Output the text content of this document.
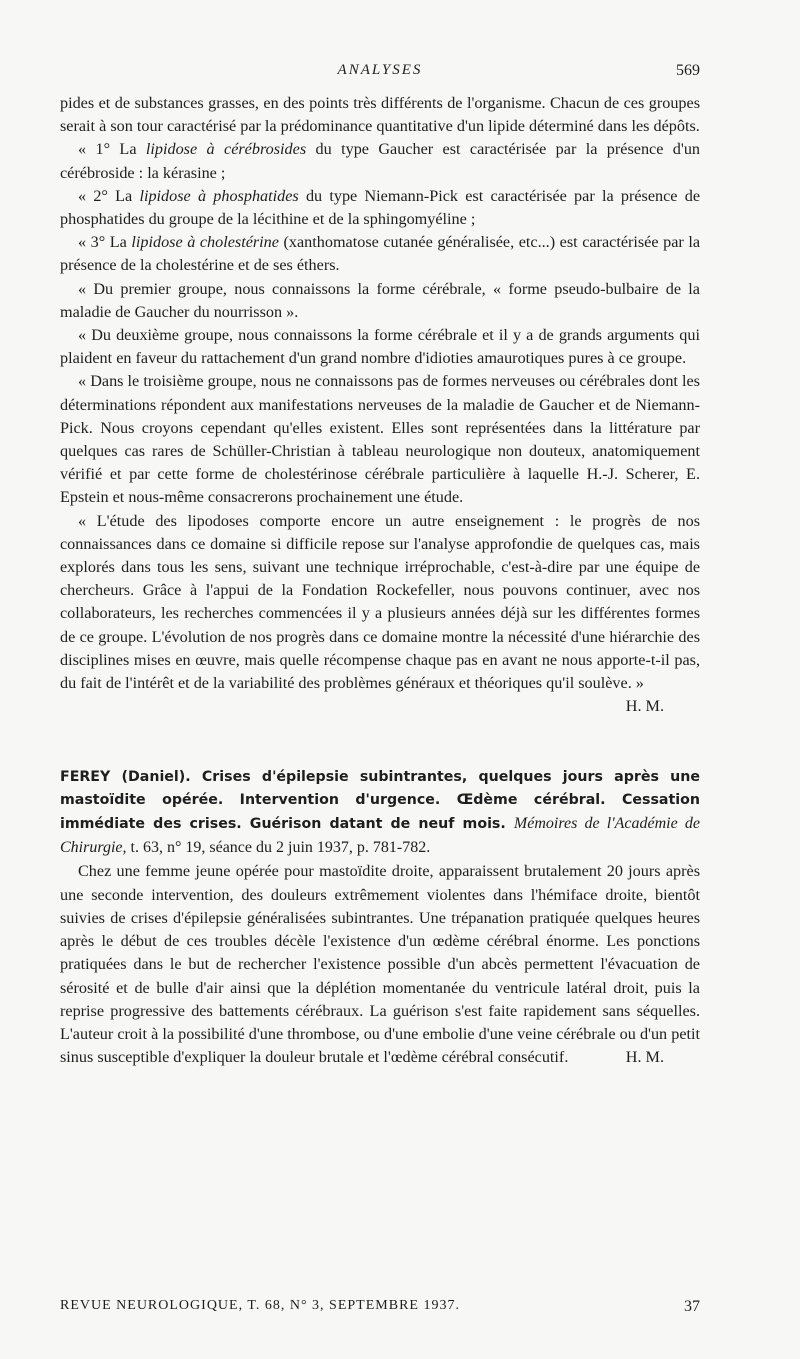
ANALYSES	569

pides et de substances grasses, en des points très différents de l'organisme. Chacun de ces groupes serait à son tour caractérisé par la prédominance quantitative d'un lipide déterminé dans les dépôts.

« 1° La lipidose à cérébrosides du type Gaucher est caractérisée par la présence d'un cérébroside : la kérasine ;

« 2° La lipidose à phosphatides du type Niemann-Pick est caractérisée par la présence de phosphatides du groupe de la lécithine et de la sphingomyéline ;

« 3° La lipidose à cholestérine (xanthomatose cutanée généralisée, etc...) est caractérisée par la présence de la cholestérine et de ses éthers.

« Du premier groupe, nous connaissons la forme cérébrale, « forme pseudo-bulbaire de la maladie de Gaucher du nourrisson ».

« Du deuxième groupe, nous connaissons la forme cérébrale et il y a de grands arguments qui plaident en faveur du rattachement d'un grand nombre d'idioties amaurotiques pures à ce groupe.

« Dans le troisième groupe, nous ne connaissons pas de formes nerveuses ou cérébrales dont les déterminations répondent aux manifestations nerveuses de la maladie de Gaucher et de Niemann-Pick. Nous croyons cependant qu'elles existent. Elles sont représentées dans la littérature par quelques cas rares de Schüller-Christian à tableau neurologique non douteux, anatomiquement vérifié et par cette forme de cholestérinose cérébrale particulière à laquelle H.-J. Scherer, E. Epstein et nous-même consacrerons prochainement une étude.

« L'étude des lipodoses comporte encore un autre enseignement : le progrès de nos connaissances dans ce domaine si difficile repose sur l'analyse approfondie de quelques cas, mais explorés dans tous les sens, suivant une technique irréprochable, c'est-à-dire par une équipe de chercheurs. Grâce à l'appui de la Fondation Rockefeller, nous pouvons continuer, avec nos collaborateurs, les recherches commencées il y a plusieurs années déjà sur les différentes formes de ce groupe. L'évolution de nos progrès dans ce domaine montre la nécessité d'une hiérarchie des disciplines mises en œuvre, mais quelle récompense chaque pas en avant ne nous apporte-t-il pas, du fait de l'intérêt et de la variabilité des problèmes généraux et théoriques qu'il soulève. »

H. M.

FEREY (Daniel). Crises d'épilepsie subintrantes, quelques jours après une mastoïdite opérée. Intervention d'urgence. Œdème cérébral. Cessation immédiate des crises. Guérison datant de neuf mois. Mémoires de l'Académie de Chirurgie, t. 63, n° 19, séance du 2 juin 1937, p. 781-782.

Chez une femme jeune opérée pour mastoïdite droite, apparaissent brutalement 20 jours après une seconde intervention, des douleurs extrêmement violentes dans l'hémiface droite, bientôt suivies de crises d'épilepsie généralisées subintrantes. Une trépanation pratiquée quelques heures après le début de ces troubles décèle l'existence d'un œdème cérébral énorme. Les ponctions pratiquées dans le but de rechercher l'existence possible d'un abcès permettent l'évacuation de sérosité et de bulle d'air ainsi que la déplétion momentanée du ventricule latéral droit, puis la reprise progressive des battements cérébraux. La guérison s'est faite rapidement sans séquelles. L'auteur croit à la possibilité d'une thrombose, ou d'une embolie d'une veine cérébrale ou d'un petit sinus susceptible d'expliquer la douleur brutale et l'œdème cérébral consécutif.	H. M.

REVUE NEUROLOGIQUE, T. 68, N° 3, SEPTEMBRE 1937.	37
